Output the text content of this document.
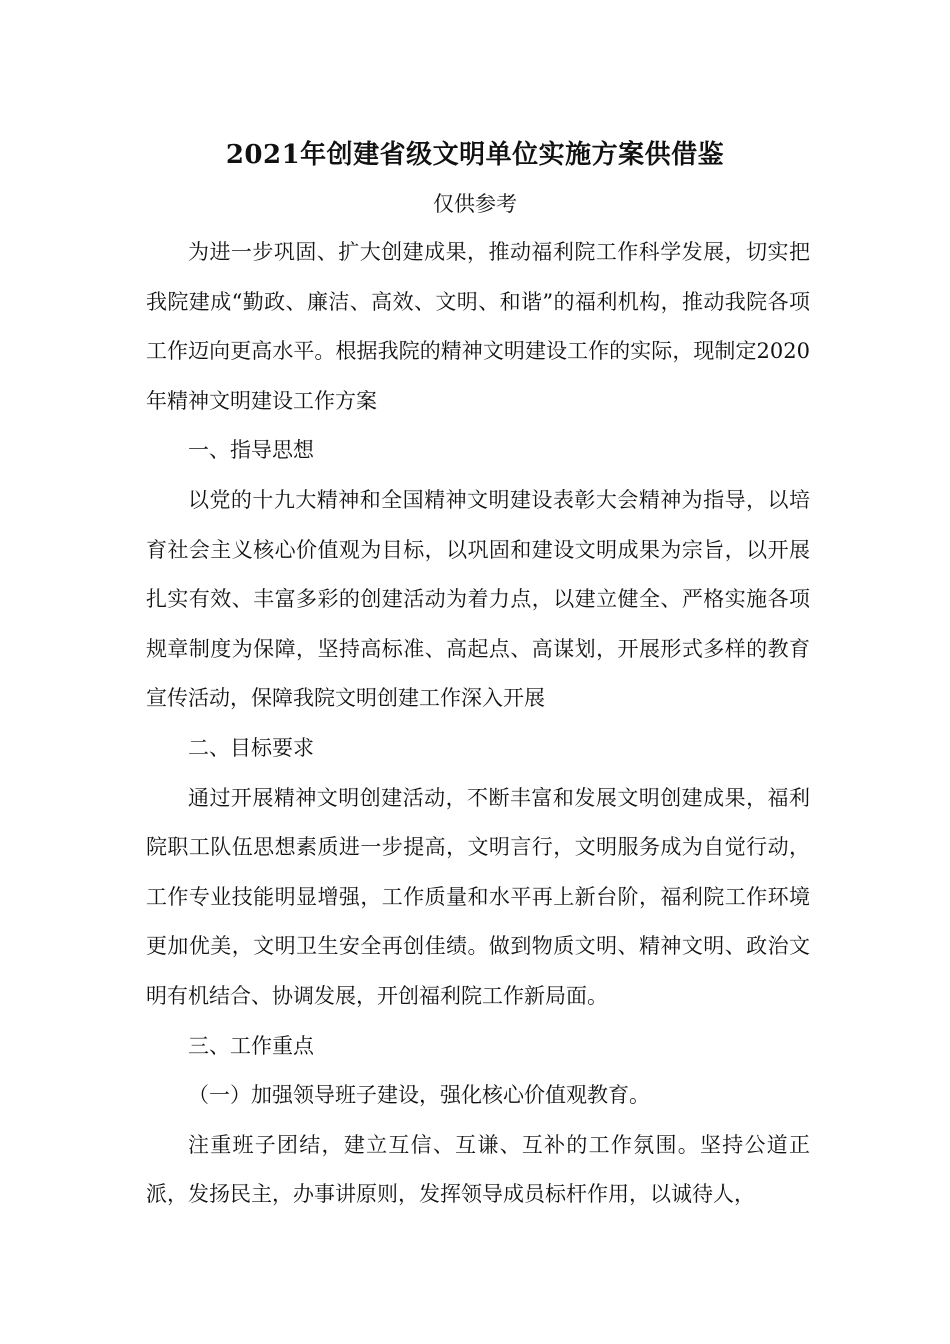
2021年创建省级文明单位实施方案供借鉴
仅供参考

为进一步巩固、扩大创建成果，推动福利院工作科学发展，切实把我院建成“勤政、廉洁、高效、文明、和谐”的福利机构，推动我院各项工作迈向更高水平。根据我院的精神文明建设工作的实际，现制定2020年精神文明建设工作方案

一、指导思想

以党的十九大精神和全国精神文明建设表彰大会精神为指导，以培育社会主义核心价值观为目标，以巩固和建设文明成果为宗旨，以开展扎实有效、丰富多彩的创建活动为着力点，以建立健全、严格实施各项规章制度为保障，坚持高标准、高起点、高谋划，开展形式多样的教育宣传活动，保障我院文明创建工作深入开展

二、目标要求

通过开展精神文明创建活动，不断丰富和发展文明创建成果，福利院职工队伍思想素质进一步提高，文明言行，文明服务成为自觉行动，工作专业技能明显增强，工作质量和水平再上新台阶，福利院工作环境更加优美，文明卫生安全再创佳绩。做到物质文明、精神文明、政治文明有机结合、协调发展，开创福利院工作新局面。

三、工作重点

（一）加强领导班子建设，强化核心价值观教育。

注重班子团结，建立互信、互谦、互补的工作氛围。坚持公道正派，发扬民主，办事讲原则，发挥领导成员标杆作用，以诚待人，
